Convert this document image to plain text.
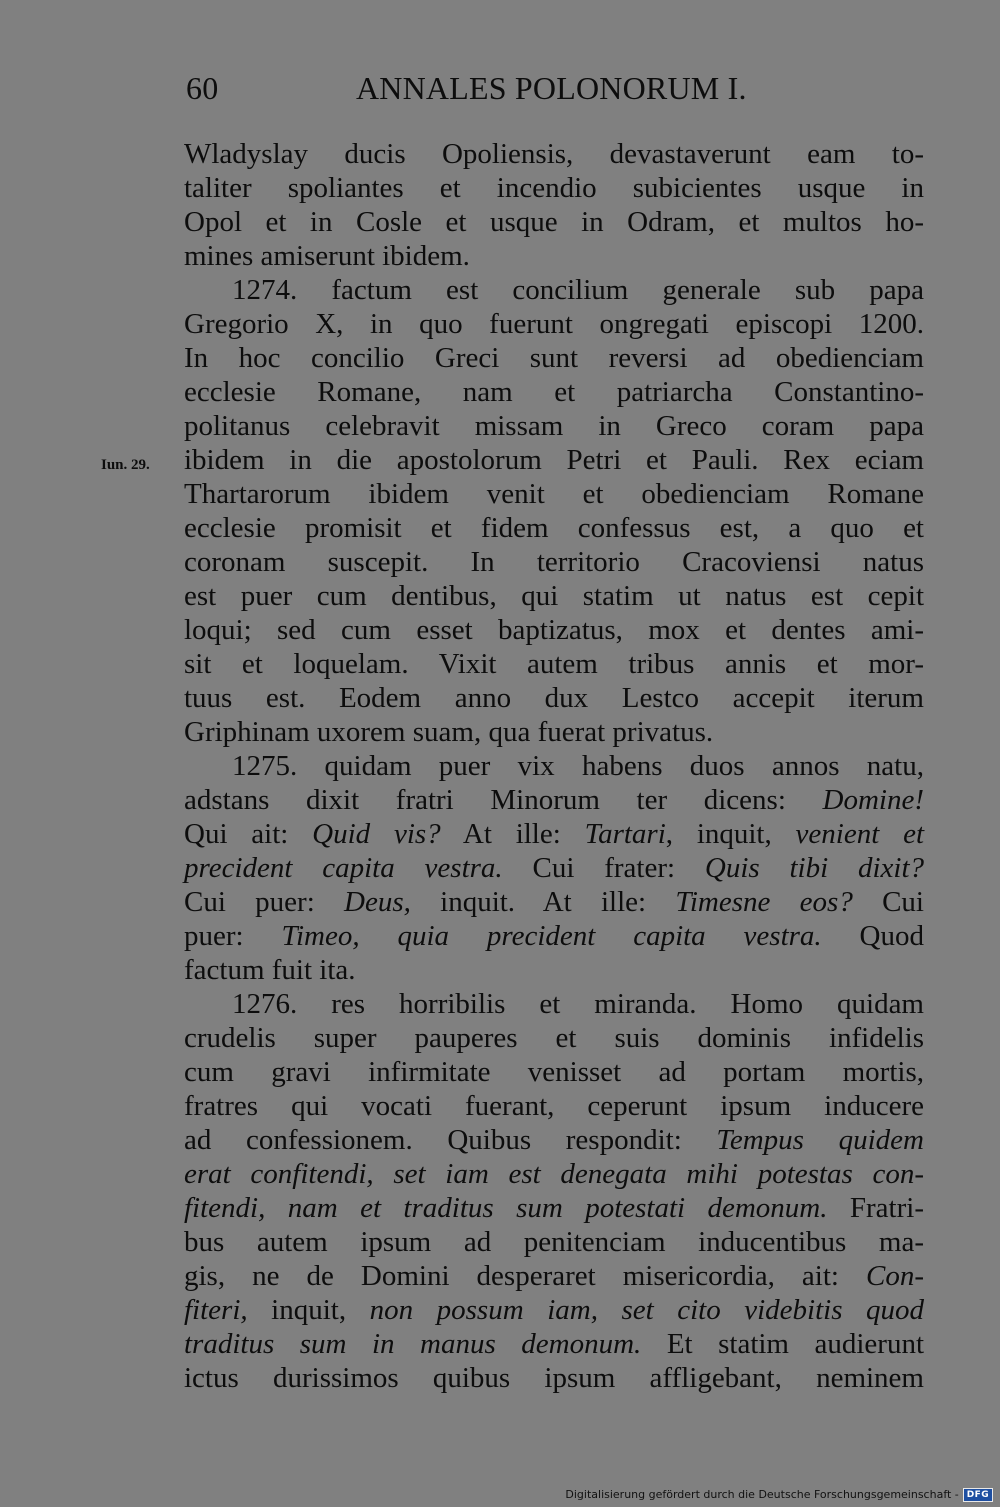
60	ANNALES POLONORUM I.
Iun. 29.
Wladyslay ducis Opoliensis, devastaverunt eam to-
taliter spoliantes et incendio subicientes usque in
Opol et in Cosle et usque in Odram, et multos ho-
mines amiserunt ibidem.
1274. factum est concilium generale sub papa
Gregorio X, in quo fuerunt ongregati episcopi 1200.
In hoc concilio Greci sunt reversi ad obedienciam
ecclesie Romane, nam et patriarcha Constantino-
politanus celebravit missam in Greco coram papa
ibidem in die apostolorum Petri et Pauli. Rex eciam
Thartarorum ibidem venit et obedienciam Romane
ecclesie promisit et fidem confessus est, a quo et
coronam suscepit. In territorio Cracoviensi natus
est puer cum dentibus, qui statim ut natus est cepit
loqui; sed cum esset baptizatus, mox et dentes ami-
sit et loquelam. Vixit autem tribus annis et mor-
tuus est. Eodem anno dux Lestco accepit iterum
Griphinam uxorem suam, qua fuerat privatus.
1275. quidam puer vix habens duos annos natu,
adstans dixit fratri Minorum ter dicens: Domine!
Qui ait: Quid vis? At ille: Tartari, inquit, venient et
precident capita vestra. Cui frater: Quis tibi dixit?
Cui puer: Deus, inquit. At ille: Timesne eos? Cui
puer: Timeo, quia precident capita vestra. Quod
factum fuit ita.
1276. res horribilis et miranda. Homo quidam
crudelis super pauperes et suis dominis infidelis
cum gravi infirmitate venisset ad portam mortis,
fratres qui vocati fuerant, ceperunt ipsum inducere
ad confessionem. Quibus respondit: Tempus quidem
erat confitendi, set iam est denegata mihi potestas con-
fitendi, nam et traditus sum potestati demonum. Fratri-
bus autem ipsum ad penitenciam inducentibus ma-
gis, ne de Domini desperaret misericordia, ait: Con-
fiteri, inquit, non possum iam, set cito videbitis quod
traditus sum in manus demonum. Et statim audierunt
ictus durissimos quibus ipsum affligebant, neminem
Digitalisierung gefördert durch die Deutsche Forschungsgemeinschaft - DFG
